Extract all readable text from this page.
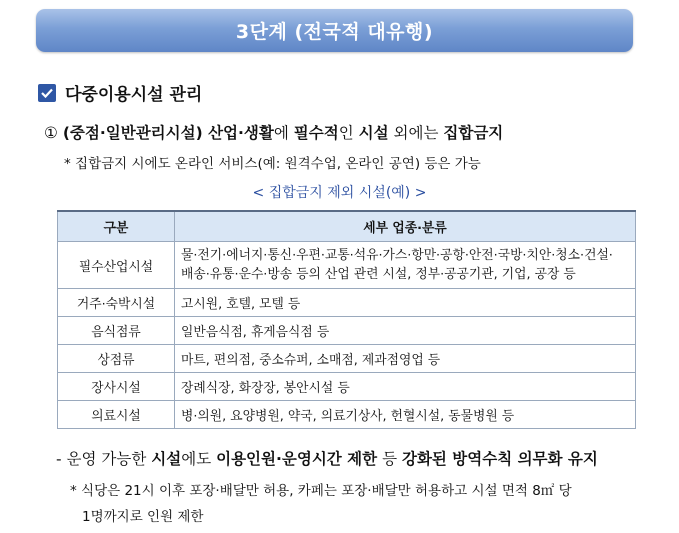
3단계 (전국적 대유행)
다중이용시설 관리
① (중점·일반관리시설) 산업·생활에 필수적인 시설 외에는 집합금지
* 집합금지 시에도 온라인 서비스(예: 원격수업, 온라인 공연) 등은 가능
< 집합금지 제외 시설(예) >
구분	세부 업종·분류
필수산업시설	물·전기·에너지·통신·우편·교통·석유·가스·항만·공항·안전·국방·치안·청소·건설·
배송·유통·운수·방송 등의 산업 관련 시설, 정부·공공기관, 기업, 공장 등

거주·숙박시설	고시원, 호텔, 모텔 등
음식점류	일반음식점, 휴게음식점 등
상점류	마트, 편의점, 중소슈퍼, 소매점, 제과점영업 등
장사시설	장례식장, 화장장, 봉안시설 등
의료시설	병·의원, 요양병원, 약국, 의료기상사, 헌혈시설, 동물병원 등
- 운영 가능한 시설에도 이용인원·운영시간 제한 등 강화된 방역수칙 의무화 유지
* 식당은 21시 이후 포장·배달만 허용, 카페는 포장·배달만 허용하고 시설 면적 8㎡ 당
1명까지로 인원 제한
